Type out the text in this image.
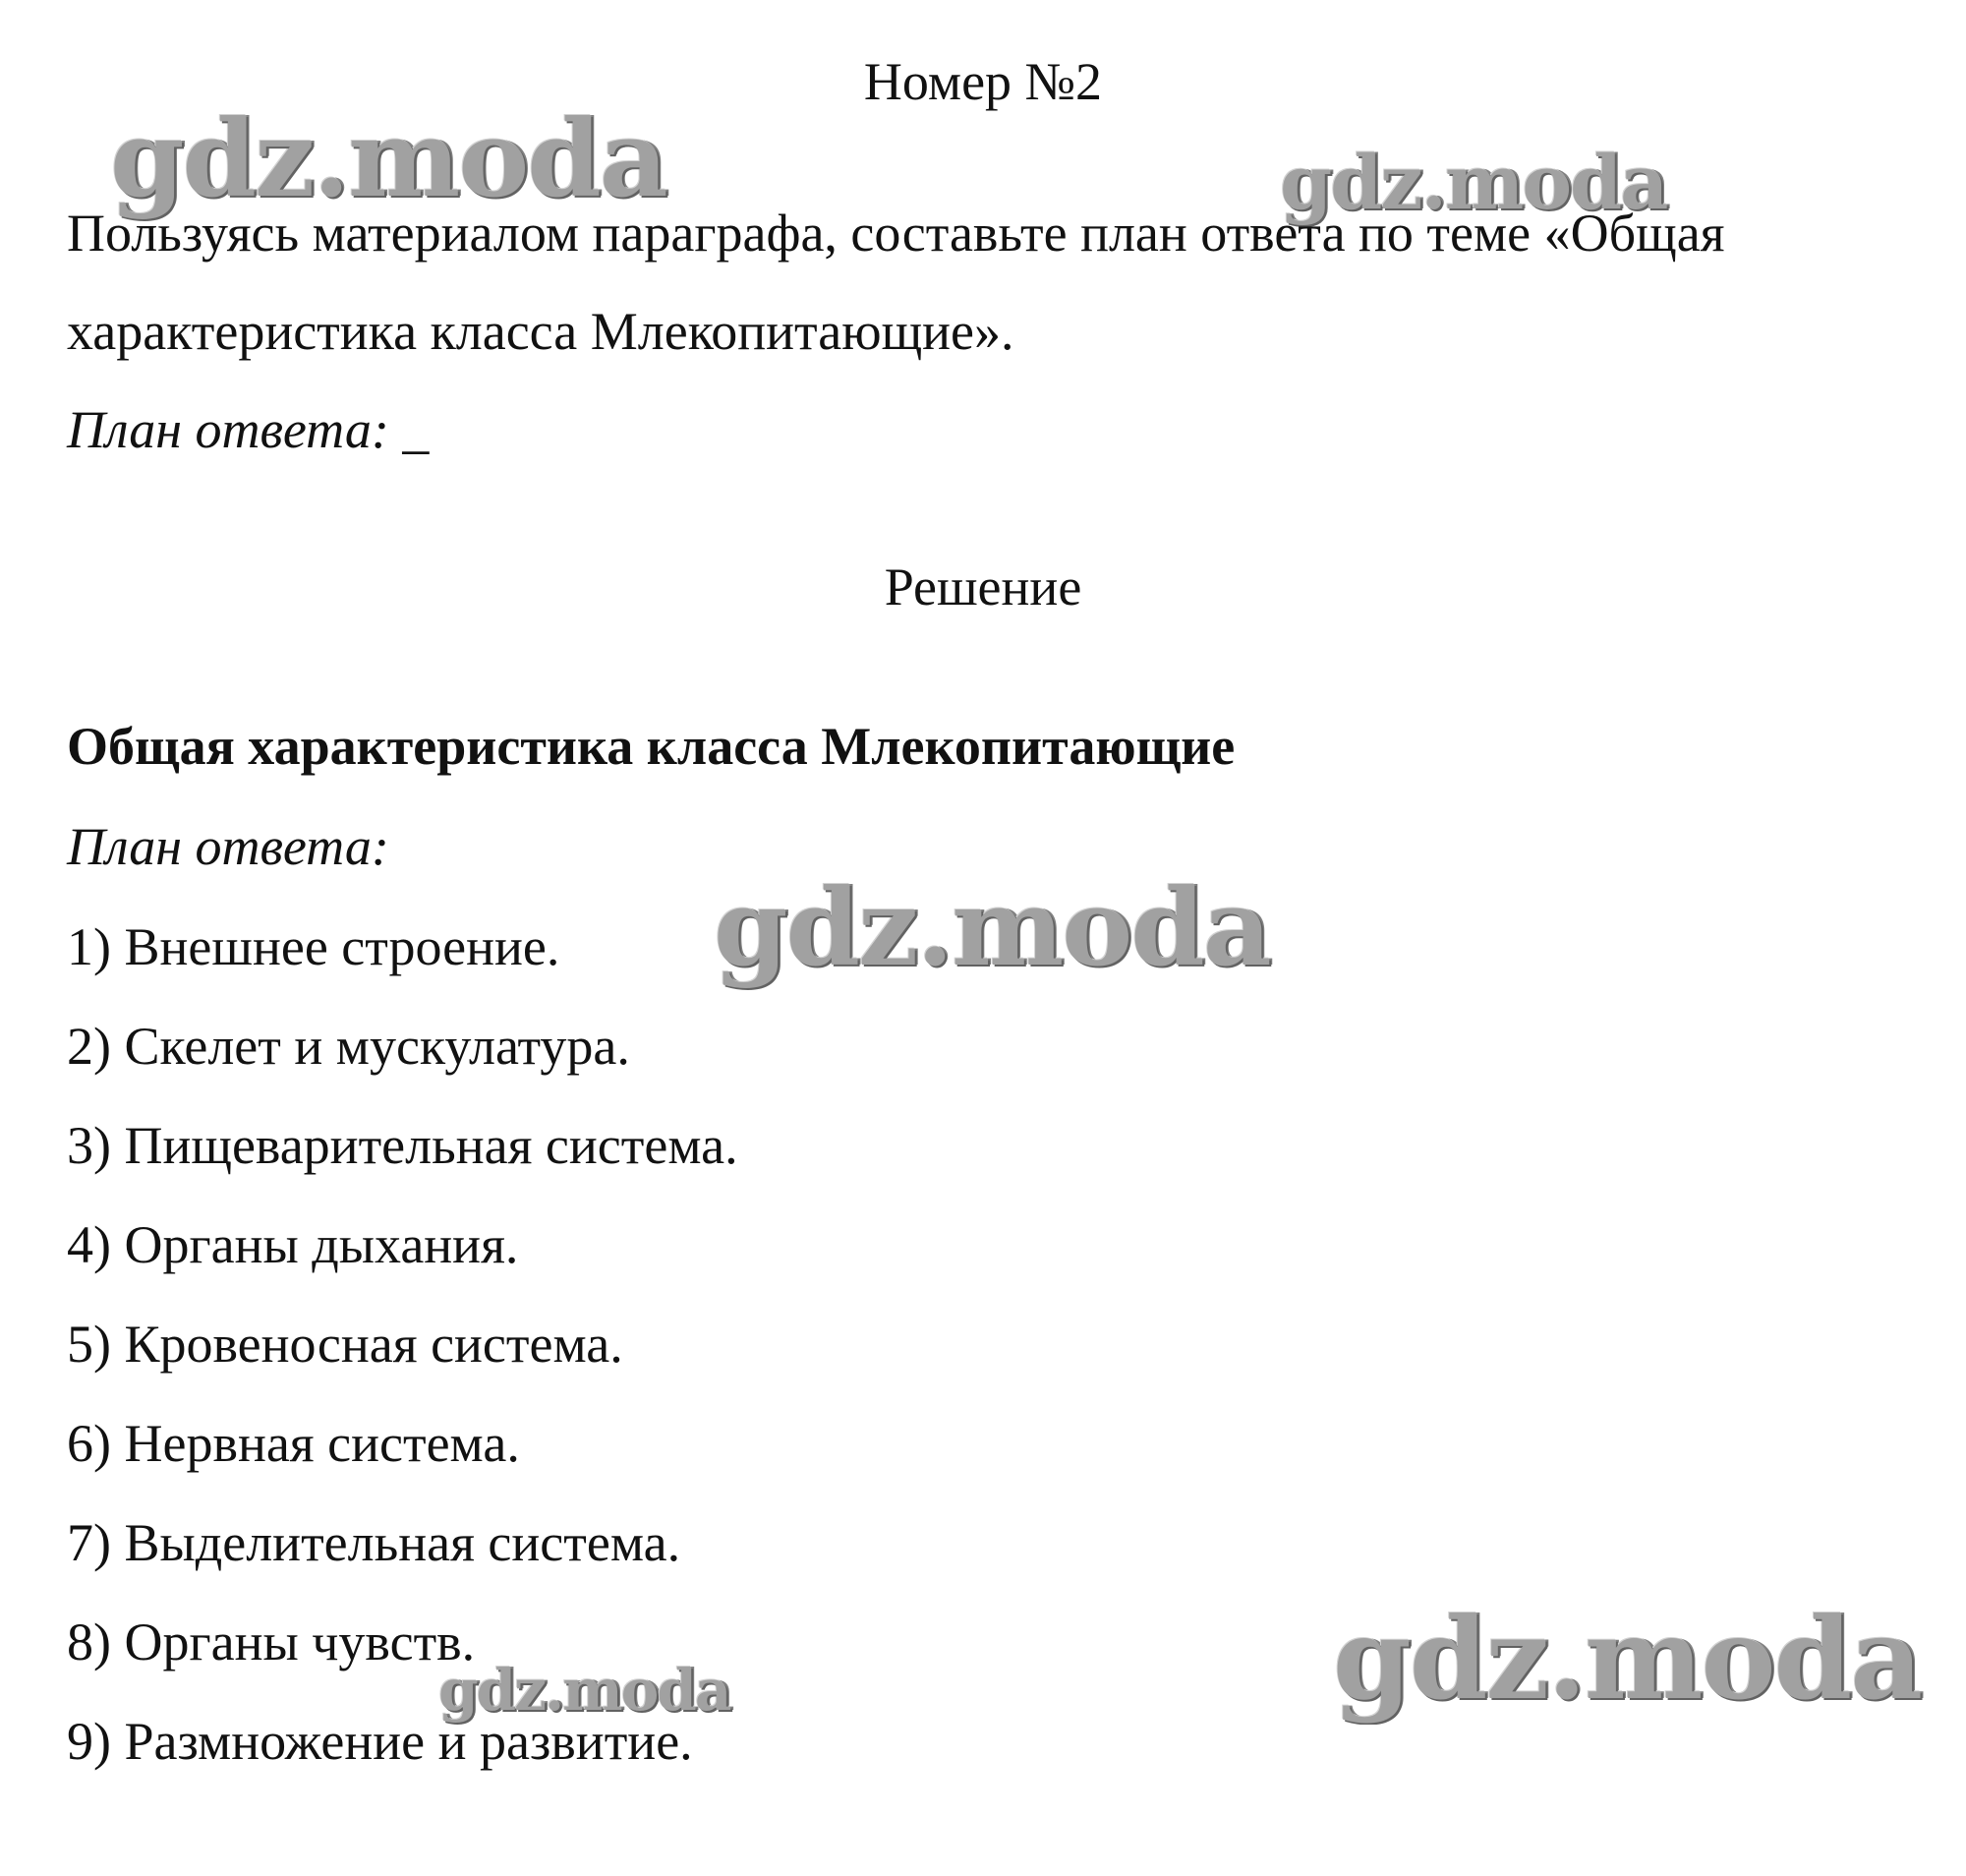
gdz.moda	gdz.moda
gdz.moda
gdz.moda	gdz.moda

Номер №2

Пользуясь материалом параграфа, составьте план ответа по теме «Общая

характеристика класса Млекопитающие».

План ответа: _

Решение

Общая характеристика класса Млекопитающие

План ответа:

1) Внешнее строение.

2) Скелет и мускулатура.

3) Пищеварительная система.

4) Органы дыхания.

5) Кровеносная система.

6) Нервная система.

7) Выделительная система.

8) Органы чувств.

9) Размножение и развитие.
